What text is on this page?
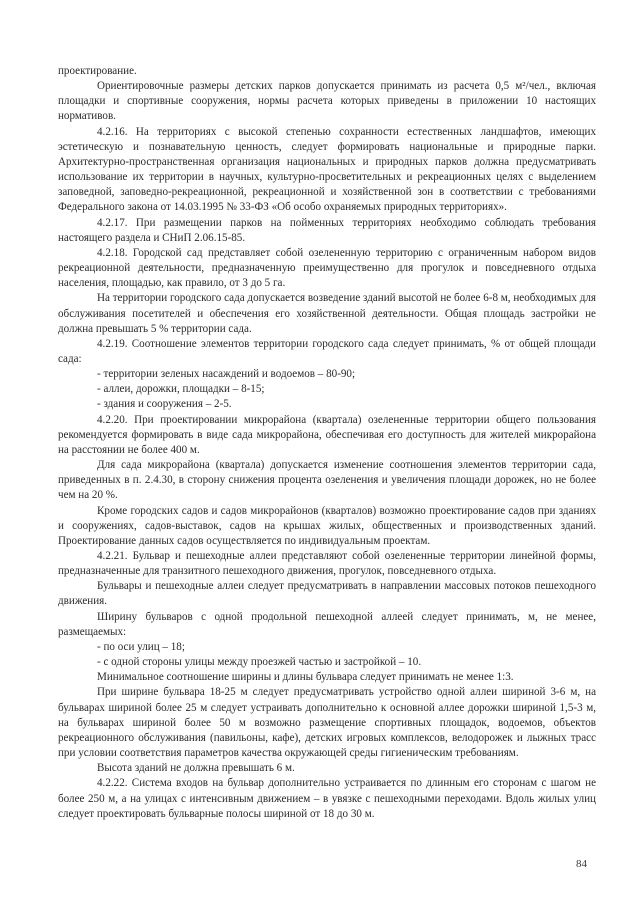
проектирование.

Ориентировочные размеры детских парков допускается принимать из расчета 0,5 м²/чел., включая площадки и спортивные сооружения, нормы расчета которых приведены в приложении 10 настоящих нормативов.

4.2.16. На территориях с высокой степенью сохранности естественных ландшафтов, имеющих эстетическую и познавательную ценность, следует формировать национальные и природные парки. Архитектурно-пространственная организация национальных и природных парков должна предусматривать использование их территории в научных, культурно-просветительных и рекреационных целях с выделением заповедной, заповедно-рекреационной, рекреационной и хозяйственной зон в соответствии с требованиями Федерального закона от 14.03.1995 № 33-ФЗ «Об особо охраняемых природных территориях».

4.2.17. При размещении парков на пойменных территориях необходимо соблюдать требования настоящего раздела и СНиП 2.06.15-85.

4.2.18. Городской сад представляет собой озелененную территорию с ограниченным набором видов рекреационной деятельности, предназначенную преимущественно для прогулок и повседневного отдыха населения, площадью, как правило, от 3 до 5 га.

На территории городского сада допускается возведение зданий высотой не более 6-8 м, необходимых для обслуживания посетителей и обеспечения его хозяйственной деятельности. Общая площадь застройки не должна превышать 5 % территории сада.

4.2.19. Соотношение элементов территории городского сада следует принимать, % от общей площади сада:

- территории зеленых насаждений и водоемов – 80-90;

- аллеи, дорожки, площадки – 8-15;

- здания и сооружения – 2-5.

4.2.20. При проектировании микрорайона (квартала) озелененные территории общего пользования рекомендуется формировать в виде сада микрорайона, обеспечивая его доступность для жителей микрорайона на расстоянии не более 400 м.

Для сада микрорайона (квартала) допускается изменение соотношения элементов территории сада, приведенных в п. 2.4.30, в сторону снижения процента озеленения и увеличения площади дорожек, но не более чем на 20 %.

Кроме городских садов и садов микрорайонов (кварталов) возможно проектирование садов при зданиях и сооружениях, садов-выставок, садов на крышах жилых, общественных и производственных зданий. Проектирование данных садов осуществляется по индивидуальным проектам.

4.2.21. Бульвар и пешеходные аллеи представляют собой озелененные территории линейной формы, предназначенные для транзитного пешеходного движения, прогулок, повседневного отдыха.

Бульвары и пешеходные аллеи следует предусматривать в направлении массовых потоков пешеходного движения.

Ширину бульваров с одной продольной пешеходной аллеей следует принимать, м, не менее, размещаемых:

- по оси улиц – 18;

- с одной стороны улицы между проезжей частью и застройкой – 10.

Минимальное соотношение ширины и длины бульвара следует принимать не менее 1:3.

При ширине бульвара 18-25 м следует предусматривать устройство одной аллеи шириной 3-6 м, на бульварах шириной более 25 м следует устраивать дополнительно к основной аллее дорожки шириной 1,5-3 м, на бульварах шириной более 50 м возможно размещение спортивных площадок, водоемов, объектов рекреационного обслуживания (павильоны, кафе), детских игровых комплексов, велодорожек и лыжных трасс при условии соответствия параметров качества окружающей среды гигиеническим требованиям.

Высота зданий не должна превышать 6 м.

4.2.22. Система входов на бульвар дополнительно устраивается по длинным его сторонам с шагом не более 250 м, а на улицах с интенсивным движением – в увязке с пешеходными переходами. Вдоль жилых улиц следует проектировать бульварные полосы шириной от 18 до 30 м.

84
